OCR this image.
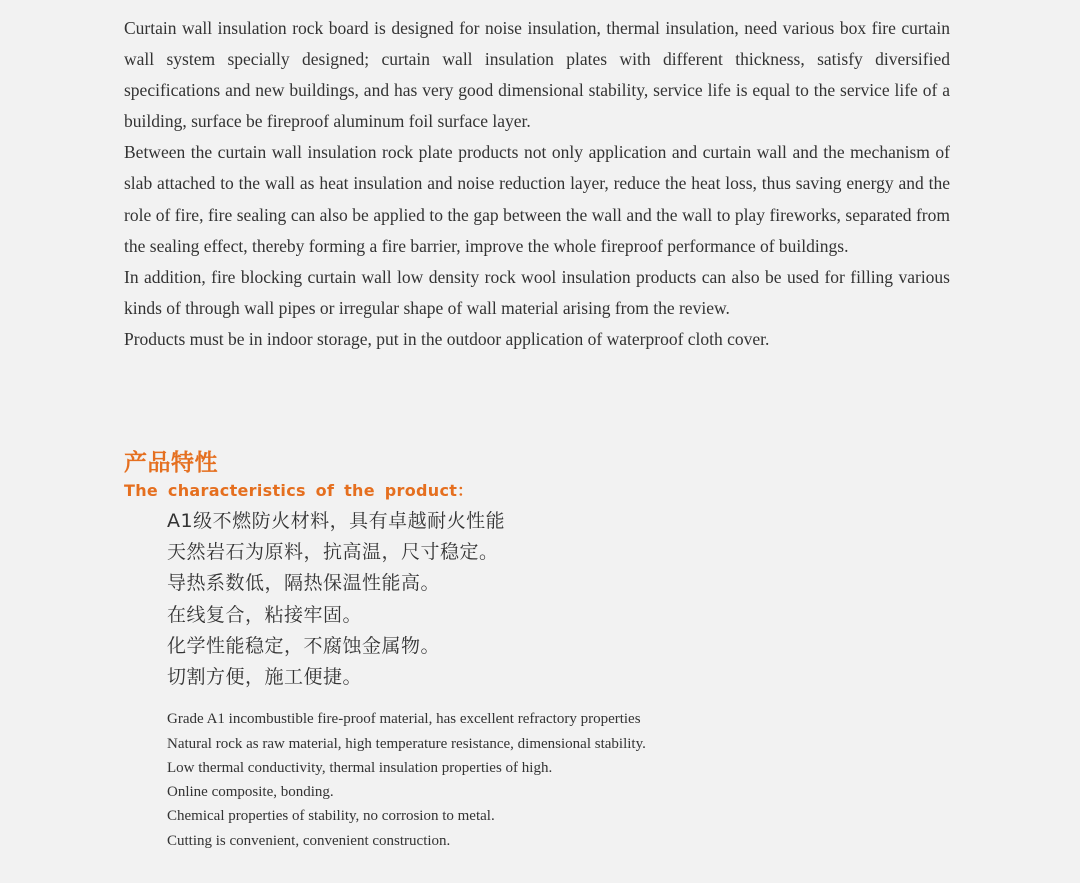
Curtain wall insulation rock board is designed for noise insulation, thermal insulation, need various box fire curtain wall system specially designed; curtain wall insulation plates with different thickness, satisfy diversified specifications and new buildings, and has very good dimensional stability, service life is equal to the service life of a building, surface be fireproof aluminum foil surface layer.

Between the curtain wall insulation rock plate products not only application and curtain wall and the mechanism of slab attached to the wall as heat insulation and noise reduction layer, reduce the heat loss, thus saving energy and the role of fire, fire sealing can also be applied to the gap between the wall and the wall to play fireworks, separated from the sealing effect, thereby forming a fire barrier, improve the whole fireproof performance of buildings.

In addition, fire blocking curtain wall low density rock wool insulation products can also be used for filling various kinds of through wall pipes or irregular shape of wall material arising from the review.

Products must be in indoor storage, put in the outdoor application of waterproof cloth cover.

产品特性
The characteristics of the product：
A1级不燃防火材料，具有卓越耐火性能
天然岩石为原料，抗高温，尺寸稳定。
导热系数低，隔热保温性能高。
在线复合，粘接牢固。
化学性能稳定，不腐蚀金属物。
切割方便，施工便捷。
Grade A1 incombustible fire-proof material, has excellent refractory properties
Natural rock as raw material, high temperature resistance, dimensional stability.
Low thermal conductivity, thermal insulation properties of high.
Online composite, bonding.
Chemical properties of stability, no corrosion to metal.
Cutting is convenient, convenient construction.
